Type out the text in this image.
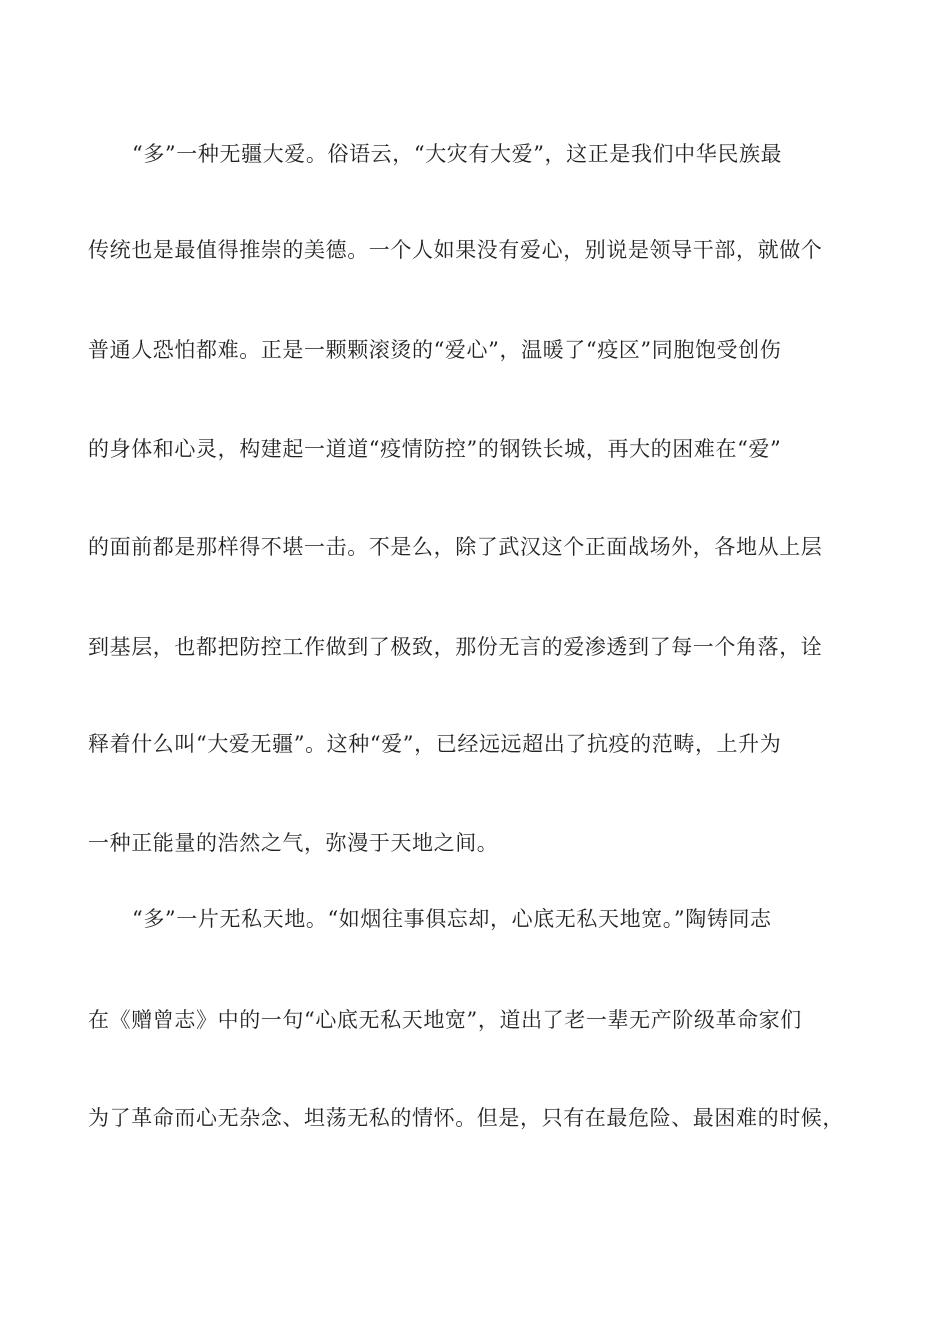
“多”一种无疆大爱。俗语云，“大灾有大爱”，这正是我们中华民族最
传统也是最值得推崇的美德。一个人如果没有爱心，别说是领导干部，就做个
普通人恐怕都难。正是一颗颗滚烫的“爱心”，温暖了“疫区”同胞饱受创伤
的身体和心灵，构建起一道道“疫情防控”的钢铁长城，再大的困难在“爱”
的面前都是那样得不堪一击。不是么，除了武汉这个正面战场外，各地从上层
到基层，也都把防控工作做到了极致，那份无言的爱渗透到了每一个角落，诠
释着什么叫“大爱无疆”。这种“爱”，已经远远超出了抗疫的范畴，上升为
一种正能量的浩然之气，弥漫于天地之间。
“多”一片无私天地。“如烟往事俱忘却，心底无私天地宽。”陶铸同志
在《赠曾志》中的一句“心底无私天地宽”，道出了老一辈无产阶级革命家们
为了革命而心无杂念、坦荡无私的情怀。但是，只有在最危险、最困难的时候，
